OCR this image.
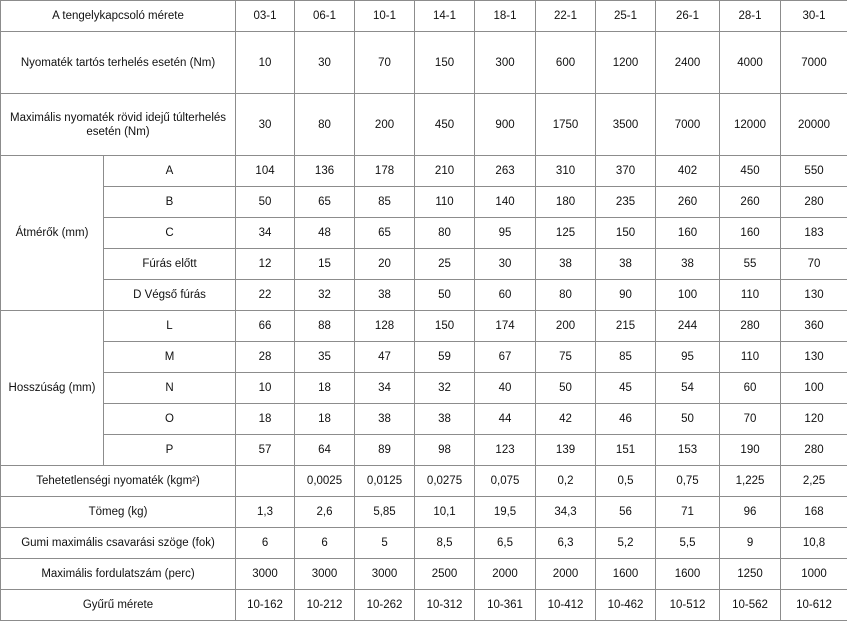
A tengelykapcsoló mérete		03-1	06-1	10-1	14-1	18-1	22-1	25-1	26-1	28-1	30-1
Nyomaték tartós terhelés esetén (Nm)		10	30	70	150	300	600	1200	2400	4000	7000
Maximális nyomaték rövid idejű túlterhelés esetén (Nm)		30	80	200	450	900	1750	3500	7000	12000	20000
Átmérők (mm)	A	104	136	178	210	263	310	370	402	450	550
	B	50	65	85	110	140	180	235	260	260	280
	C	34	48	65	80	95	125	150	160	160	183
	Fúrás előtt	12	15	20	25	30	38	38	38	55	70
	D Végső fúrás	22	32	38	50	60	80	90	100	110	130
Hosszúság (mm)	L	66	88	128	150	174	200	215	244	280	360
	M	28	35	47	59	67	75	85	95	110	130
	N	10	18	34	32	40	50	45	54	60	100
	O	18	18	38	38	44	42	46	50	70	120
	P	57	64	89	98	123	139	151	153	190	280
Tehetetlenségi nyomaték (kgm²)			0,0025	0,0125	0,0275	0,075	0,2	0,5	0,75	1,225	2,25
Tömeg (kg)		1,3	2,6	5,85	10,1	19,5	34,3	56	71	96	168
Gumi maximális csavarási szöge (fok)		6	6	5	8,5	6,5	6,3	5,2	5,5	9	10,8
Maximális fordulatszám (perc)		3000	3000	3000	2500	2000	2000	1600	1600	1250	1000
Gyűrű mérete		10-162	10-212	10-262	10-312	10-361	10-412	10-462	10-512	10-562	10-612
